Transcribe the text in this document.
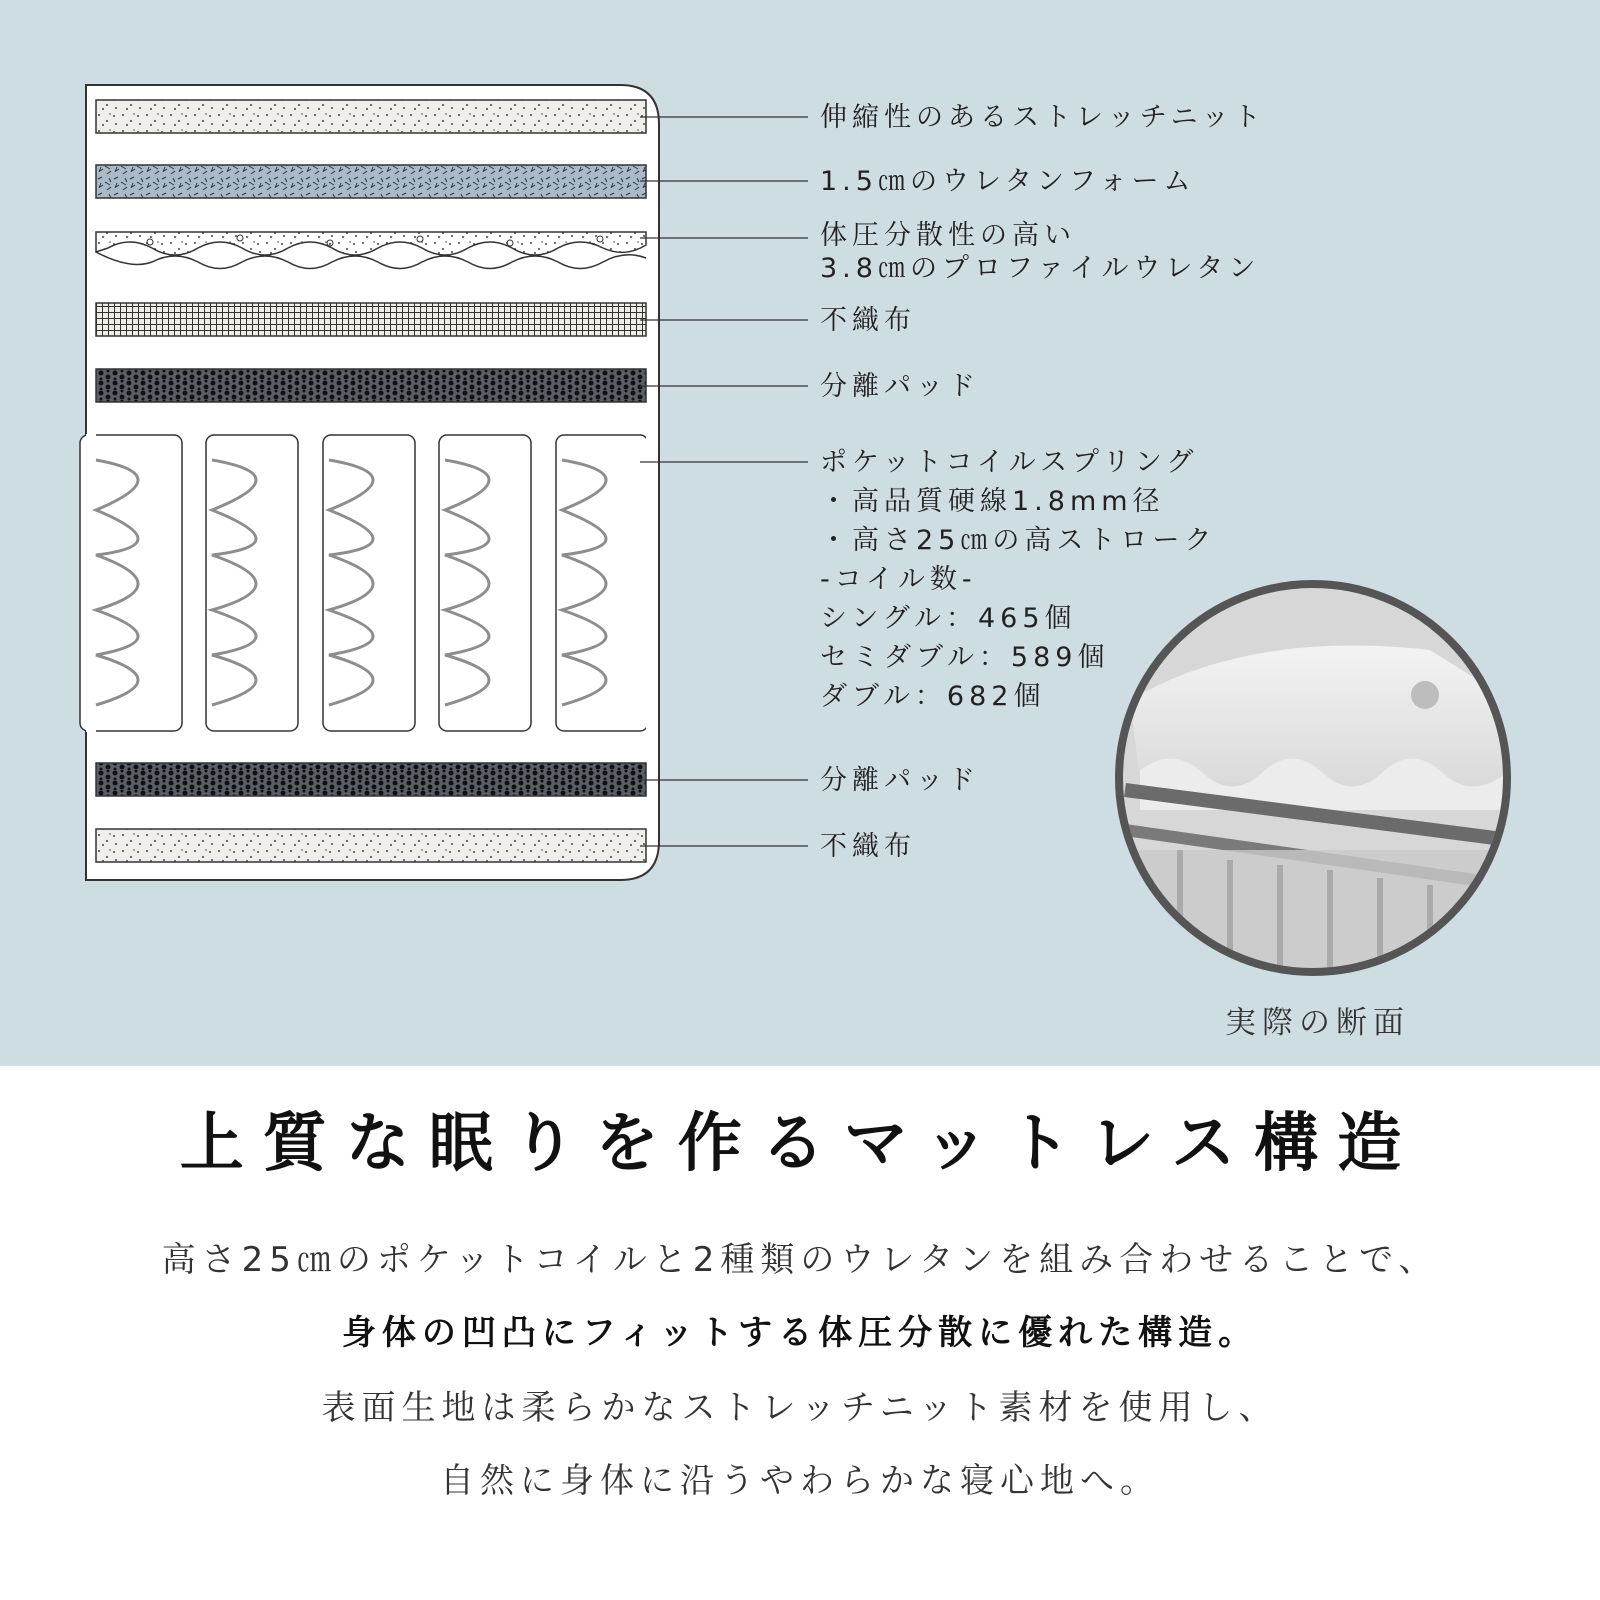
伸縮性のあるストレッチニット
1.5㎝のウレタンフォーム
体圧分散性の高い
3.8㎝のプロファイルウレタン
不織布
分離パッド
ポケットコイルスプリング
・高品質硬線1.8mm径
・高さ25㎝の高ストローク
-コイル数-
シングル：465個
セミダブル：589個
ダブル：682個
分離パッド
不織布
実際の断面
上質な眠りを作るマットレス構造
高さ25㎝のポケットコイルと2種類のウレタンを組み合わせることで、
身体の凹凸にフィットする体圧分散に優れた構造。
表面生地は柔らかなストレッチニット素材を使用し、
自然に身体に沿うやわらかな寝心地へ。
